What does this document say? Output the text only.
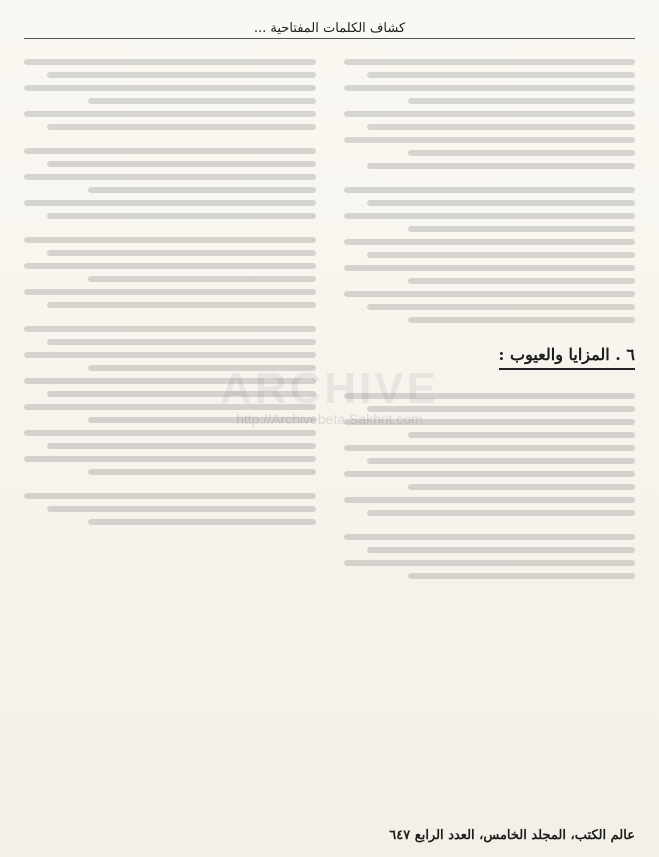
كشاف الكلمات المفتاحية ...
ARCHIVE
http://Archivebeta.Sakhrit.com
٦ . المزايا والعيوب :
عالم الكتب، المجلد الخامس، العدد الرابع ٦٤٧
